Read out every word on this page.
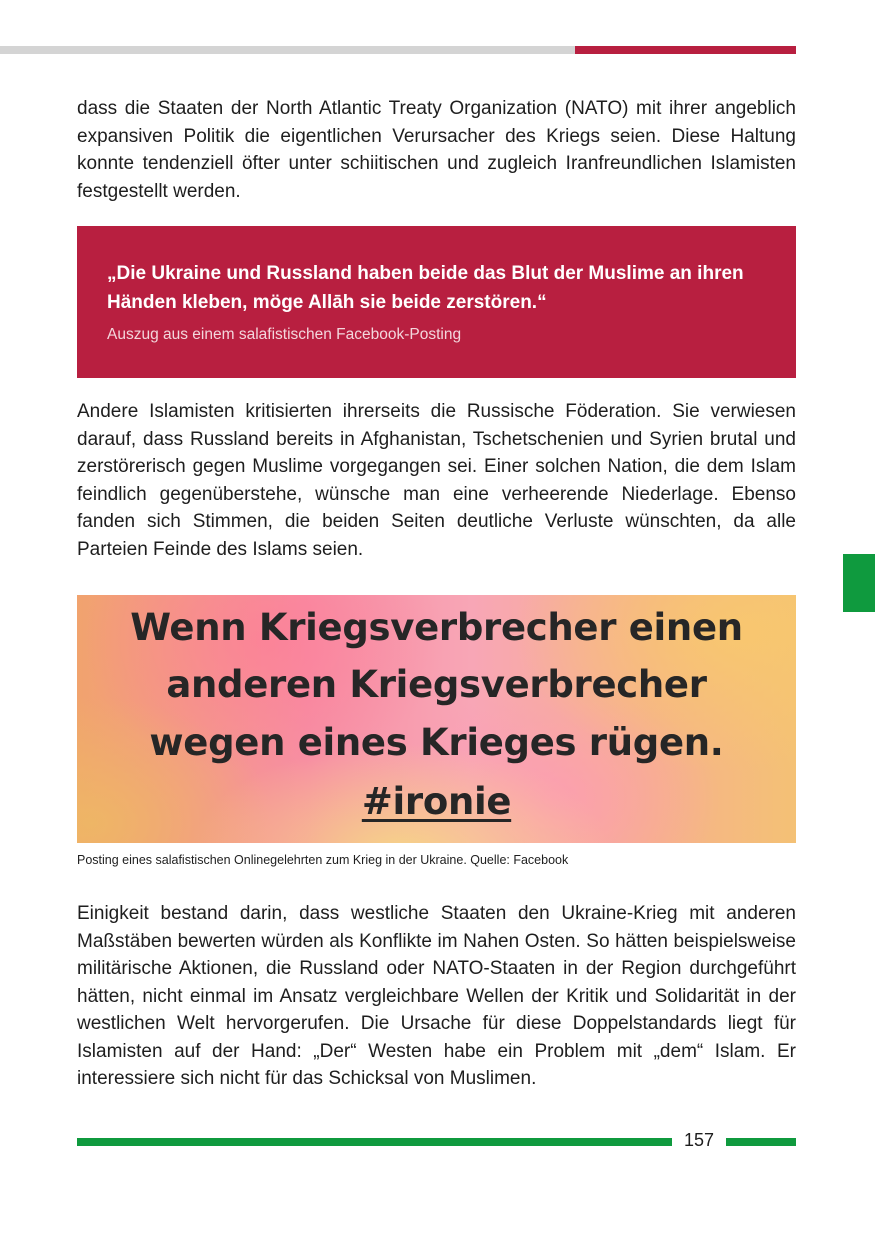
dass die Staaten der North Atlantic Treaty Organization (NATO) mit ihrer angeblich expansiven Politik die eigentlichen Verursacher des Kriegs seien. Diese Haltung konnte tendenziell öfter unter schiitischen und zugleich Iranfreundlichen Islamisten festgestellt werden.

„Die Ukraine und Russland haben beide das Blut der Muslime an ihren Händen kleben, möge Allāh sie beide zerstören.“

Auszug aus einem salafistischen Facebook-Posting

Andere Islamisten kritisierten ihrerseits die Russische Föderation. Sie verwiesen darauf, dass Russland bereits in Afghanistan, Tschetschenien und Syrien brutal und zerstörerisch gegen Muslime vorgegangen sei. Einer solchen Nation, die dem Islam feindlich gegenüberstehe, wünsche man eine verheerende Niederlage. Ebenso fanden sich Stimmen, die beiden Seiten deutliche Verluste wünschten, da alle Parteien Feinde des Islams seien.

Wenn Kriegsverbrecher einen

anderen Kriegsverbrecher

wegen eines Krieges rügen.

#ironie

Posting eines salafistischen Onlinegelehrten zum Krieg in der Ukraine. Quelle: Facebook

Einigkeit bestand darin, dass westliche Staaten den Ukraine-Krieg mit anderen Maßstäben bewerten würden als Konflikte im Nahen Osten. So hätten beispielsweise militärische Aktionen, die Russland oder NATO-Staaten in der Region durchgeführt hätten, nicht einmal im Ansatz vergleichbare Wellen der Kritik und Solidarität in der westlichen Welt hervorgerufen. Die Ursache für diese Doppelstandards liegt für Islamisten auf der Hand: „Der“ Westen habe ein Problem mit „dem“ Islam. Er interessiere sich nicht für das Schicksal von Muslimen.

157
